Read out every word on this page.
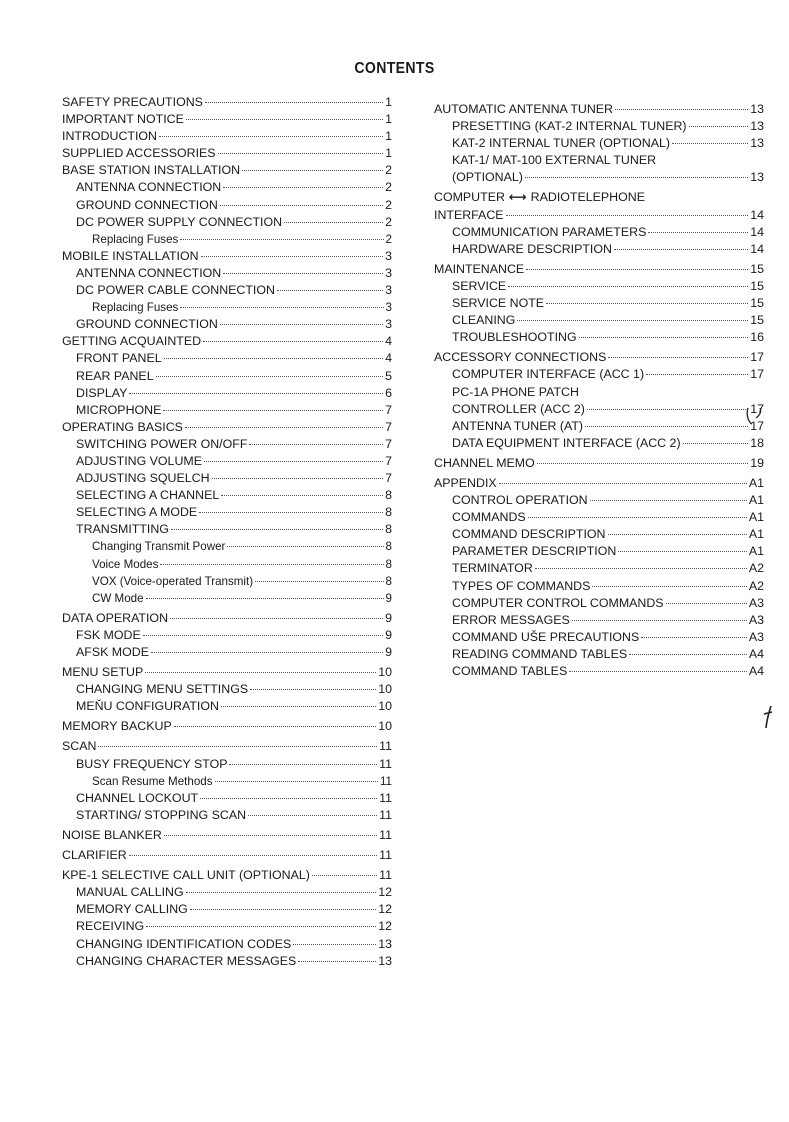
CONTENTS
SAFETY PRECAUTIONS	1
IMPORTANT NOTICE	1
INTRODUCTION	1
SUPPLIED ACCESSORIES	1
BASE STATION INSTALLATION	2
ANTENNA CONNECTION	2
GROUND CONNECTION	2
DC POWER SUPPLY CONNECTION	2
Replacing Fuses	2
MOBILE INSTALLATION	3
ANTENNA CONNECTION	3
DC POWER CABLE CONNECTION	3
Replacing Fuses	3
GROUND CONNECTION	3
GETTING ACQUAINTED	4
FRONT PANEL	4
REAR PANEL	5
DISPLAY	6
MICROPHONE	7
OPERATING BASICS	7
SWITCHING POWER ON/OFF	7
ADJUSTING VOLUME	7
ADJUSTING SQUELCH	7
SELECTING A CHANNEL	8
SELECTING A MODE	8
TRANSMITTING	8
Changing Transmit Power	8
Voice Modes	8
VOX (Voice-operated Transmit)	8
CW Mode	9
DATA OPERATION	9
FSK MODE	9
AFSK MODE	9
MENU SETUP	10
CHANGING MENU SETTINGS	10
MEŇU CONFIGURATION	10
MEMORY BACKUP	10
SCAN	11
BUSY FREQUENCY STOP	11
Scan Resume Methods	11
CHANNEL LOCKOUT	11
STARTING/ STOPPING SCAN	11
NOISE BLANKER	11
CLARIFIER	11
KPE-1 SELECTIVE CALL UNIT (OPTIONAL)	11
MANUAL CALLING	12
MEMORY CALLING	12
RECEIVING	12
CHANGING IDENTIFICATION CODES	13
CHANGING CHARACTER MESSAGES	13
AUTOMATIC ANTENNA TUNER	13
PRESETTING (KAT-2 INTERNAL TUNER)	13
KAT-2 INTERNAL TUNER (OPTIONAL)	13
KAT-1/ MAT-100 EXTERNAL TUNER
(OPTIONAL)	13
COMPUTER ⟷ RADIOTELEPHONE
INTERFACE	14
COMMUNICATION PARAMETERS	14
HARDWARE DESCRIPTION	14
MAINTENANCE	15
SERVICE	15
SERVICE NOTE	15
CLEANING	15
TROUBLESHOOTING	16
ACCESSORY CONNECTIONS	17
COMPUTER INTERFACE (ACC 1)	17
PC-1A PHONE PATCH
CONTROLLER (ACC 2)	17
ANTENNA TUNER (AT)	17
DATA EQUIPMENT INTERFACE (ACC 2)	18
CHANNEL MEMO	19
APPENDIX	A1
CONTROL OPERATION	A1
COMMANDS	A1
COMMAND DESCRIPTION	A1
PARAMETER DESCRIPTION	A1
TERMINATOR	A2
TYPES OF COMMANDS	A2
COMPUTER CONTROL COMMANDS	A3
ERROR MESSAGES	A3
COMMAND UŠE PRECAUTIONS	A3
READING COMMAND TABLES	A4
COMMAND TABLES	A4
